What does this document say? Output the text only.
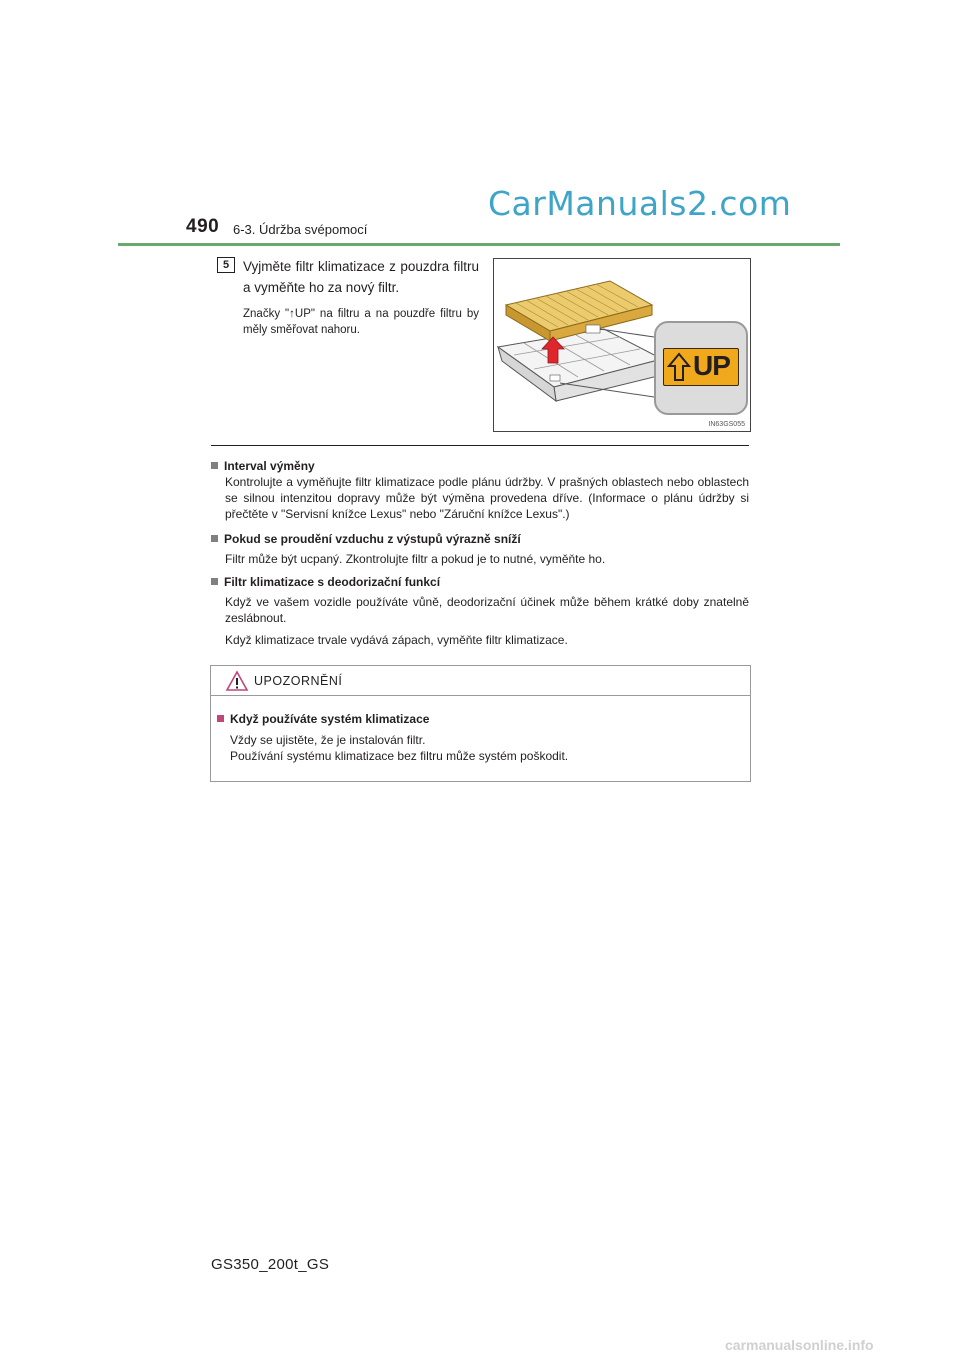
490 6-3. Údržba svépomocí
CarManuals2.com
5	Vyjměte filtr klimatizace z pouzdra filtru a vyměňte ho za nový filtr.
Značky "↑UP" na filtru a na pouzdře filtru by měly směřovat nahoru.
UP
IN63GS055
Interval výměny
Kontrolujte a vyměňujte filtr klimatizace podle plánu údržby. V prašných oblastech nebo oblastech se silnou intenzitou dopravy může být výměna provedena dříve. (Informace o plánu údržby si přečtěte v "Servisní knížce Lexus" nebo "Záruční knížce Lexus".)
Pokud se proudění vzduchu z výstupů výrazně sníží
Filtr může být ucpaný. Zkontrolujte filtr a pokud je to nutné, vyměňte ho.
Filtr klimatizace s deodorizační funkcí
Když ve vašem vozidle používáte vůně, deodorizační účinek může během krátké doby znatelně zeslábnout.
Když klimatizace trvale vydává zápach, vyměňte filtr klimatizace.
UPOZORNĚNÍ
Když používáte systém klimatizace
Vždy se ujistěte, že je instalován filtr.
Používání systému klimatizace bez filtru může systém poškodit.
GS350_200t_GS
carmanualsonline.info
